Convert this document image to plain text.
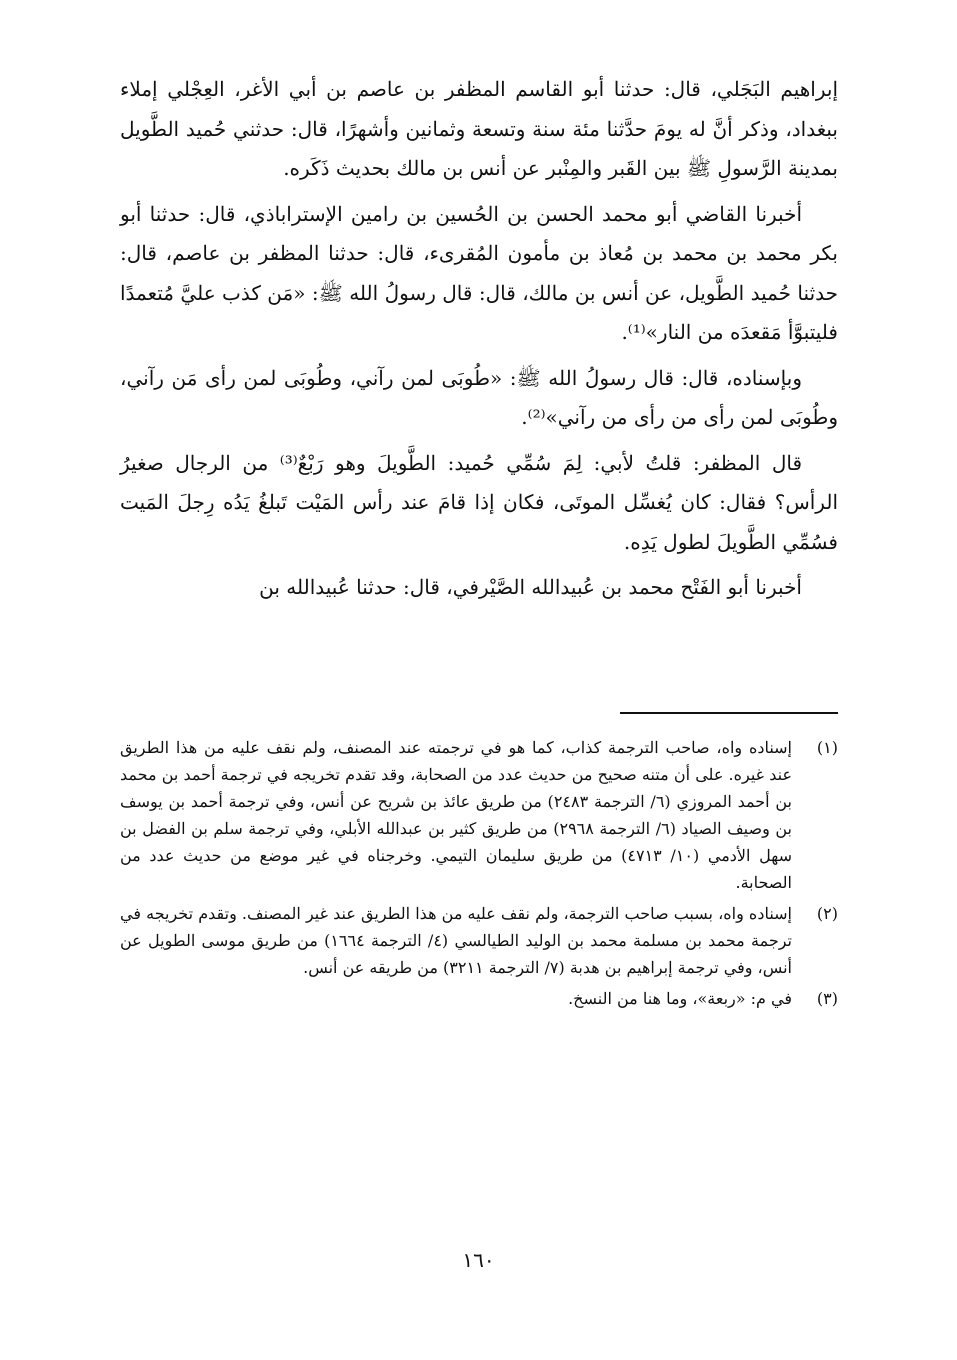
إبراهيم البَجَلي، قال: حدثنا أبو القاسم المظفر بن عاصم بن أبي الأغر، العِجْلي إملاء ببغداد، وذكر أنَّ له يومَ حدَّثنا مئة سنة وتسعة وثمانين وأشهرًا، قال: حدثني حُميد الطَّويل بمدينة الرَّسولِ ﷺ بين القَبر والمِنْبر عن أنس بن مالك بحديث ذَكَره.

أخبرنا القاضي أبو محمد الحسن بن الحُسين بن رامين الإستراباذي، قال: حدثنا أبو بكر محمد بن محمد بن مُعاذ بن مأمون المُقرىء، قال: حدثنا المظفر بن عاصم، قال: حدثنا حُميد الطَّويل، عن أنس بن مالك، قال: قال رسولُ الله ﷺ: «مَن كذب عليَّ مُتعمدًا فليتبوَّأ مَقعدَه من النار»⁽¹⁾.

وبإسناده، قال: قال رسولُ الله ﷺ: «طُوبَى لمن رآني، وطُوبَى لمن رأى مَن رآني، وطُوبَى لمن رأى من رأى من رآني»⁽²⁾.

قال المظفر: قلتُ لأبي: لِمَ سُمِّي حُميد: الطَّويلَ وهو رَبْعٌ⁽³⁾ من الرجال صغيرُ الرأس؟ فقال: كان يُغسِّل الموتَى، فكان إذا قامَ عند رأس المَيْت تَبلغُ يَدُه رِجلَ المَيت فسُمِّي الطَّويلَ لطول يَدِه.

أخبرنا أبو الفَتْح محمد بن عُبيدالله الصَّيْرفي، قال: حدثنا عُبيدالله بن

(١)
إسناده واه، صاحب الترجمة كذاب، كما هو في ترجمته عند المصنف، ولم نقف عليه من هذا الطريق عند غيره. على أن متنه صحيح من حديث عدد من الصحابة، وقد تقدم تخريجه في ترجمة أحمد بن محمد بن أحمد المروزي (٦/ الترجمة ٢٤٨٣) من طريق عائذ بن شريح عن أنس، وفي ترجمة أحمد بن يوسف بن وصيف الصياد (٦/ الترجمة ٢٩٦٨) من طريق كثير بن عبدالله الأبلي، وفي ترجمة سلم بن الفضل بن سهل الأدمي (١٠/ ٤٧١٣) من طريق سليمان التيمي. وخرجناه في غير موضع من حديث عدد من الصحابة.
(٢)
إسناده واه، بسبب صاحب الترجمة، ولم نقف عليه من هذا الطريق عند غير المصنف. وتقدم تخريجه في ترجمة محمد بن مسلمة محمد بن الوليد الطيالسي (٤/ الترجمة ١٦٦٤) من طريق موسى الطويل عن أنس، وفي ترجمة إبراهيم بن هدبة (٧/ الترجمة ٣٢١١) من طريقه عن أنس.
(٣)
في م: «ربعة»، وما هنا من النسخ.
١٦٠
